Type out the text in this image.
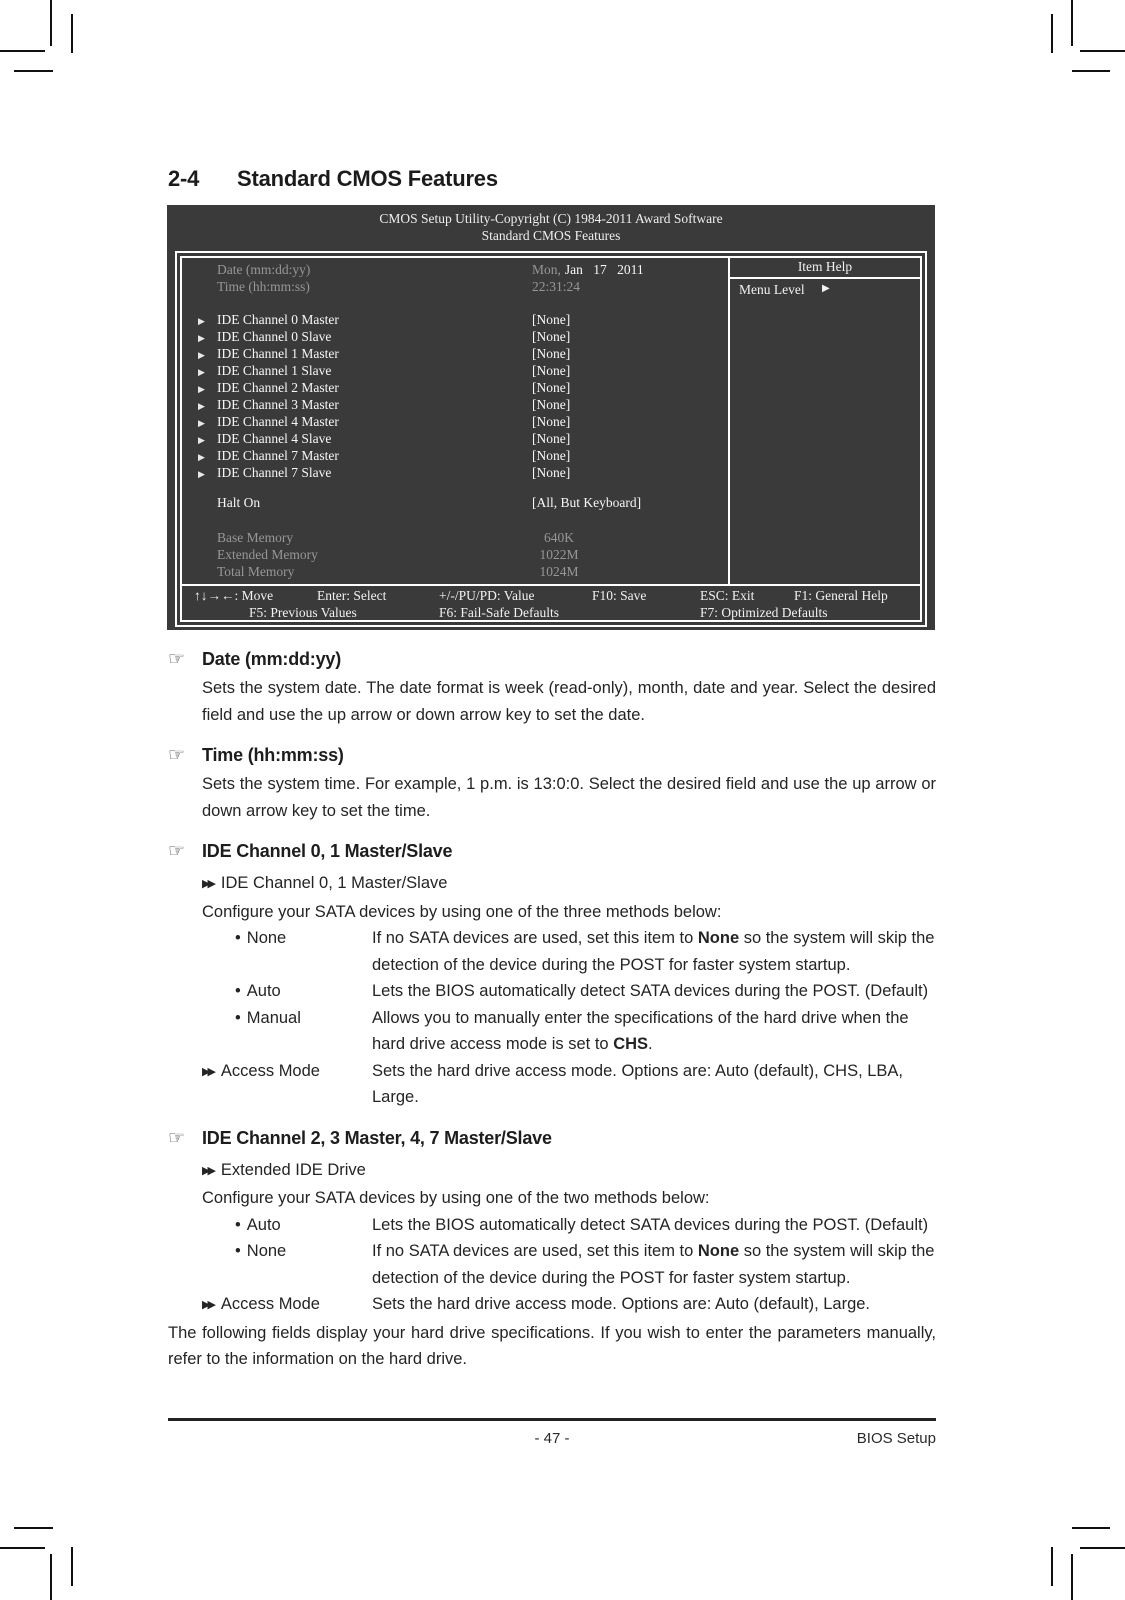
2-4 Standard CMOS Features
CMOS Setup Utility-Copyright (C) 1984-2011 Award Software
Standard CMOS Features
Date (mm:dd:yy)	Mon, Jan 17 2011
Time (hh:mm:ss)	22:31:24
▶ IDE Channel 0 Master	[None]
▶ IDE Channel 0 Slave	[None]
▶ IDE Channel 1 Master	[None]
▶ IDE Channel 1 Slave	[None]
▶ IDE Channel 2 Master	[None]
▶ IDE Channel 3 Master	[None]
▶ IDE Channel 4 Master	[None]
▶ IDE Channel 4 Slave	[None]
▶ IDE Channel 7 Master	[None]
▶ IDE Channel 7 Slave	[None]
Halt On	[All, But Keyboard]
Base Memory	640K
Extended Memory	1022M
Total Memory	1024M
Item Help
Menu Level ▶
↑↓→←: Move	Enter: Select	+/-/PU/PD: Value	F10: Save	ESC: Exit	F1: General Help
F5: Previous Values	F6: Fail-Safe Defaults	F7: Optimized Defaults
☞ Date (mm:dd:yy)

Sets the system date. The date format is week (read-only), month, date and year. Select the desired field and use the up arrow or down arrow key to set the date.

☞ Time (hh:mm:ss)

Sets the system time. For example, 1 p.m. is 13:0:0. Select the desired field and use the up arrow or down arrow key to set the time.

☞ IDE Channel 0, 1 Master/Slave
▶▶ IDE Channel 0, 1 Master/Slave

Configure your SATA devices by using one of the three methods below:

• None	If no SATA devices are used, set this item to None so the system will skip the detection of the device during the POST for faster system startup.
• Auto	Lets the BIOS automatically detect SATA devices during the POST. (Default)
• Manual	Allows you to manually enter the specifications of the hard drive when the hard drive access mode is set to CHS.
▶▶ Access Mode	Sets the hard drive access mode. Options are: Auto (default), CHS, LBA, Large.
☞ IDE Channel 2, 3 Master, 4, 7 Master/Slave
▶▶ Extended IDE Drive

Configure your SATA devices by using one of the two methods below:

• Auto	Lets the BIOS automatically detect SATA devices during the POST. (Default)
• None	If no SATA devices are used, set this item to None so the system will skip the detection of the device during the POST for faster system startup.
▶▶ Access Mode	Sets the hard drive access mode. Options are: Auto (default), Large.

The following fields display your hard drive specifications. If you wish to enter the parameters manually, refer to the information on the hard drive.

- 47 -	BIOS Setup
